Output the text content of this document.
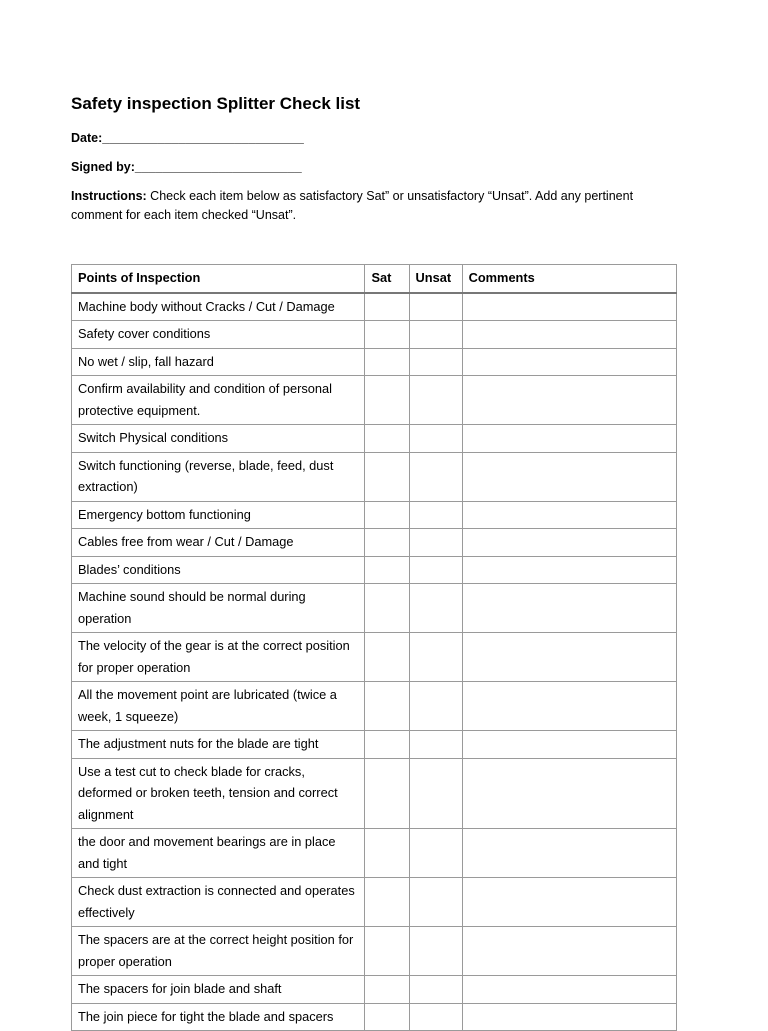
Safety inspection Splitter Check list
Date:_____________________________
Signed by:________________________
Instructions: Check each item below as satisfactory Sat” or unsatisfactory “Unsat”. Add any pertinent comment for each item checked “Unsat”.
Points of Inspection	Sat	Unsat	Comments
Machine body without Cracks / Cut / Damage			
Safety cover conditions			
No wet / slip, fall hazard			
Confirm availability and condition of personal protective equipment.			
Switch Physical conditions			
Switch functioning (reverse, blade, feed, dust extraction)			
Emergency bottom functioning			
Cables free from wear / Cut / Damage			
Blades’ conditions			
Machine sound should be normal during operation			
The velocity of the gear is at the correct position for proper operation			
All the movement point are lubricated (twice a week, 1 squeeze)			
The adjustment nuts for the blade are tight			
Use a test cut to check blade for cracks, deformed or broken teeth, tension and correct alignment			
the door and movement bearings are in place and tight			
Check dust extraction is connected and operates effectively			
The spacers are at the correct height position for proper operation			
The spacers for join blade and shaft			
The join piece for tight the blade and spacers			
